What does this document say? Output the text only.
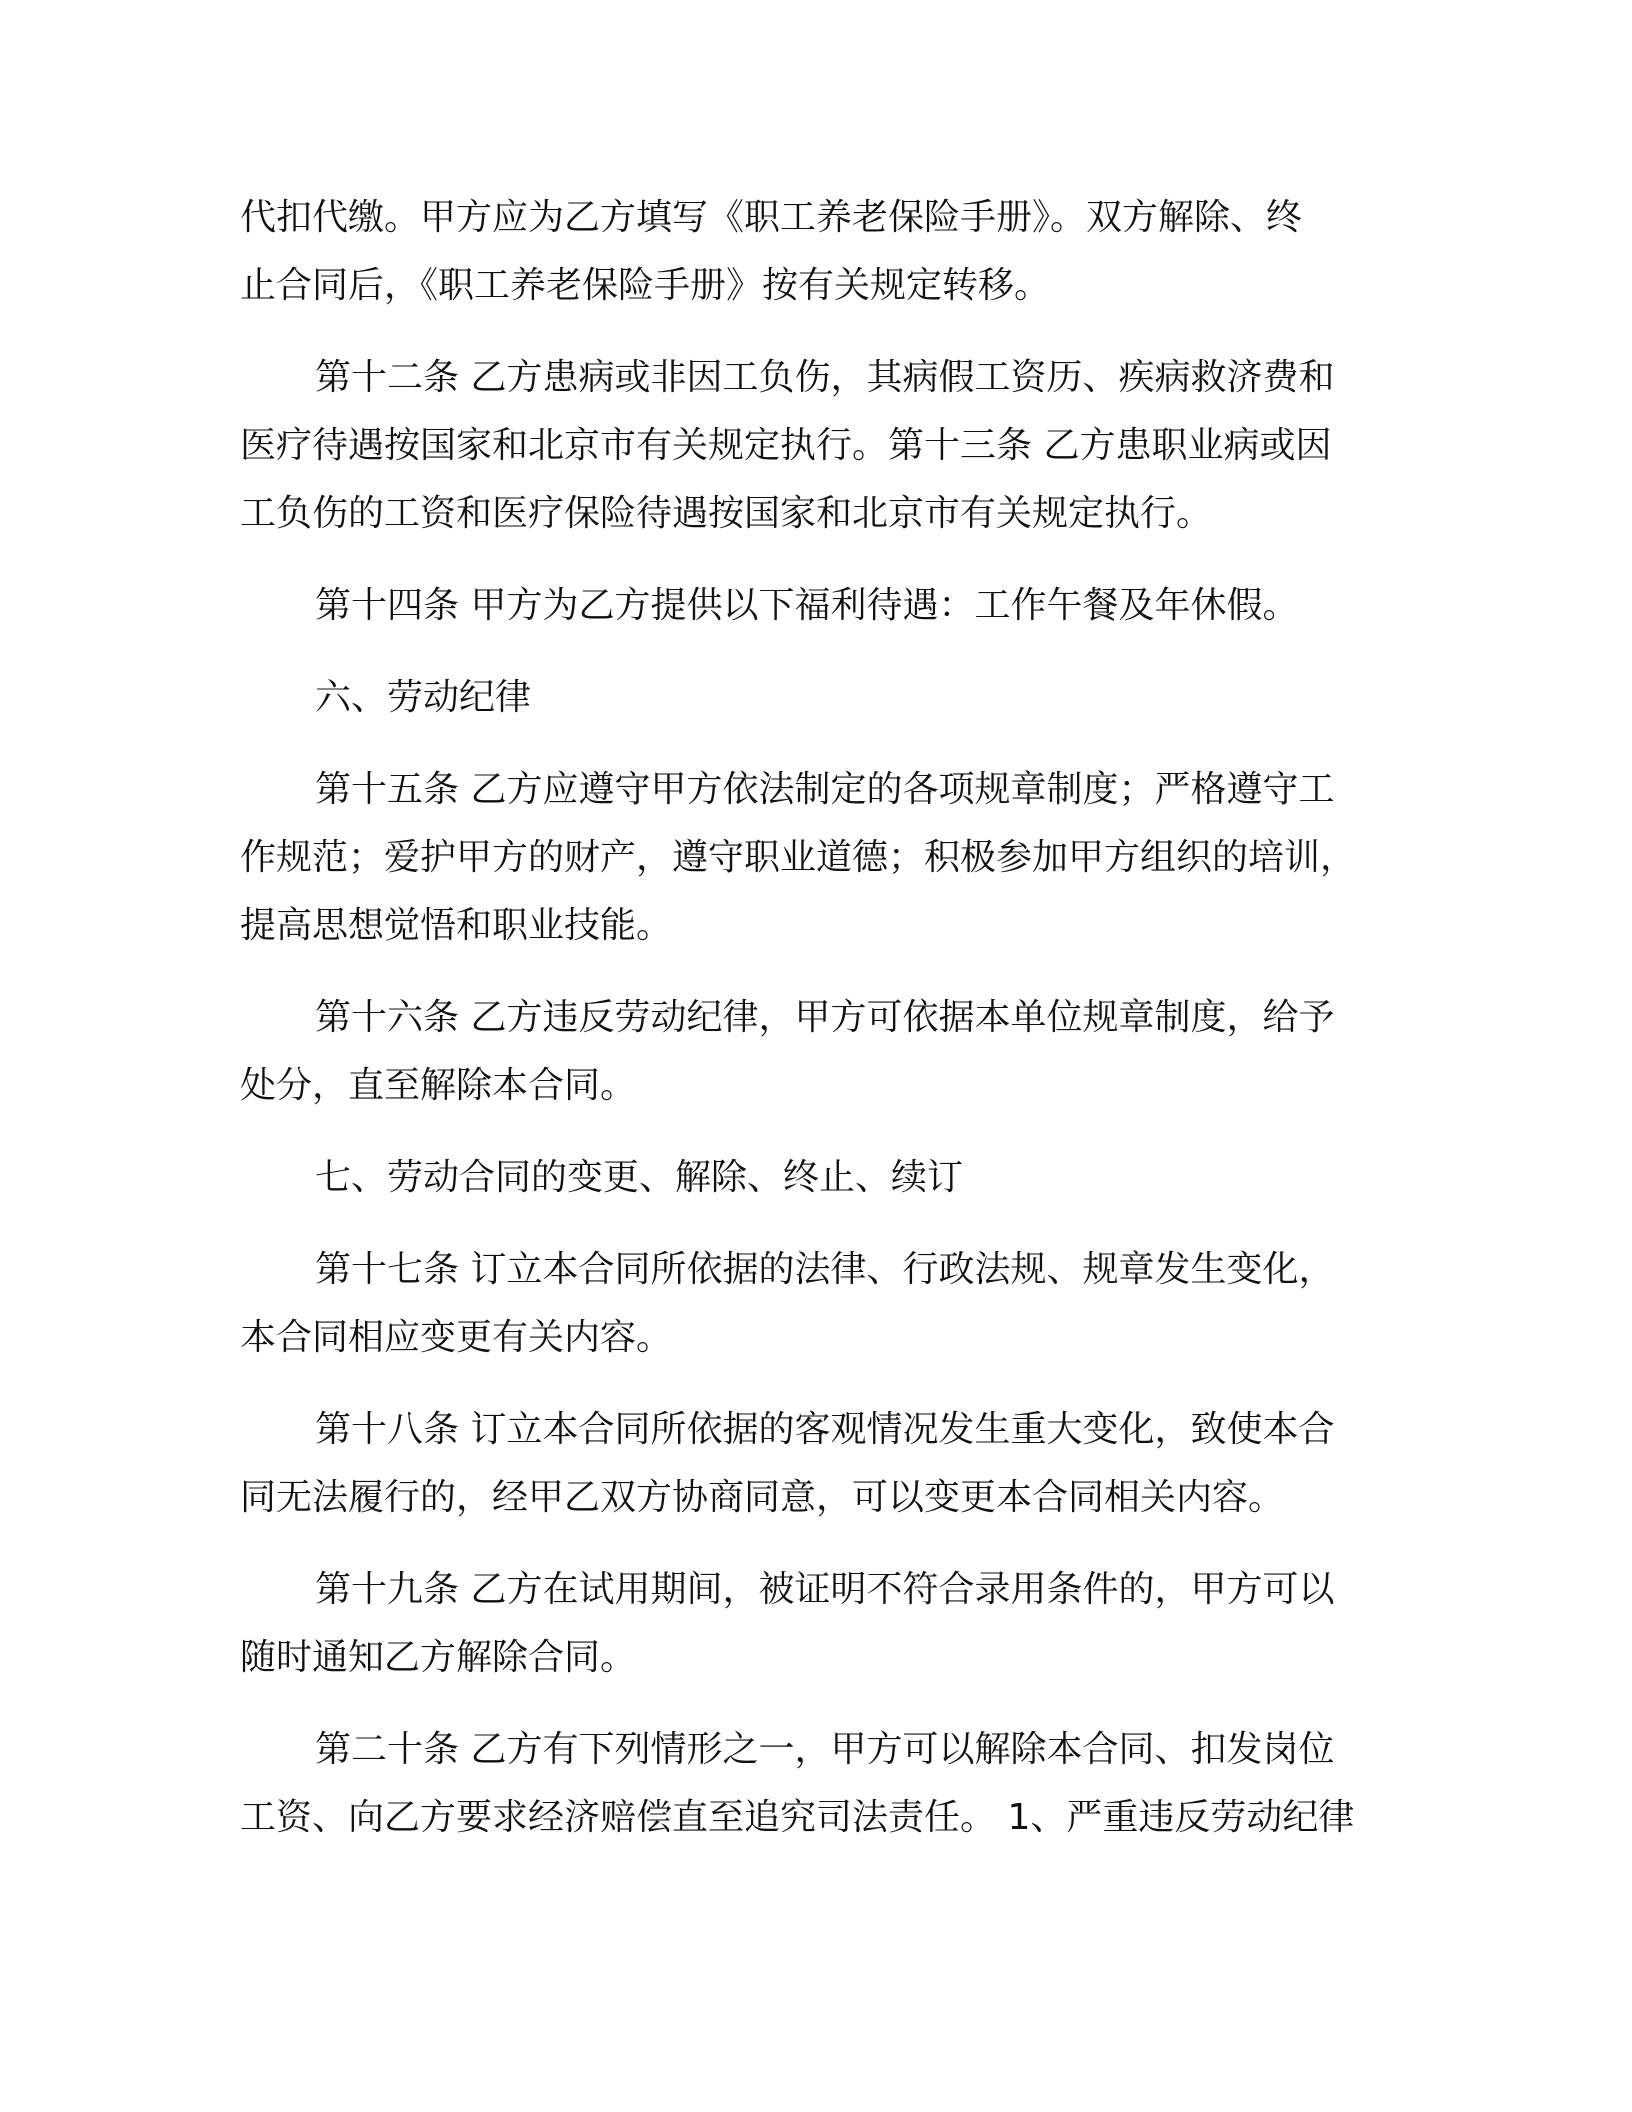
代扣代缴。甲方应为乙方填写《职工养老保险手册》。双方解除、终

止合同后，《职工养老保险手册》按有关规定转移。

第十二条 乙方患病或非因工负伤，其病假工资历、疾病救济费和

医疗待遇按国家和北京市有关规定执行。第十三条 乙方患职业病或因

工负伤的工资和医疗保险待遇按国家和北京市有关规定执行。

第十四条 甲方为乙方提供以下福利待遇：工作午餐及年休假。

六、劳动纪律

第十五条 乙方应遵守甲方依法制定的各项规章制度；严格遵守工

作规范；爱护甲方的财产，遵守职业道德；积极参加甲方组织的培训，

提高思想觉悟和职业技能。

第十六条 乙方违反劳动纪律，甲方可依据本单位规章制度，给予

处分，直至解除本合同。

七、劳动合同的变更、解除、终止、续订

第十七条 订立本合同所依据的法律、行政法规、规章发生变化，

本合同相应变更有关内容。

第十八条 订立本合同所依据的客观情况发生重大变化，致使本合

同无法履行的，经甲乙双方协商同意，可以变更本合同相关内容。

第十九条 乙方在试用期间，被证明不符合录用条件的，甲方可以

随时通知乙方解除合同。

第二十条 乙方有下列情形之一，甲方可以解除本合同、扣发岗位

工资、向乙方要求经济赔偿直至追究司法责任。 1、严重违反劳动纪律
